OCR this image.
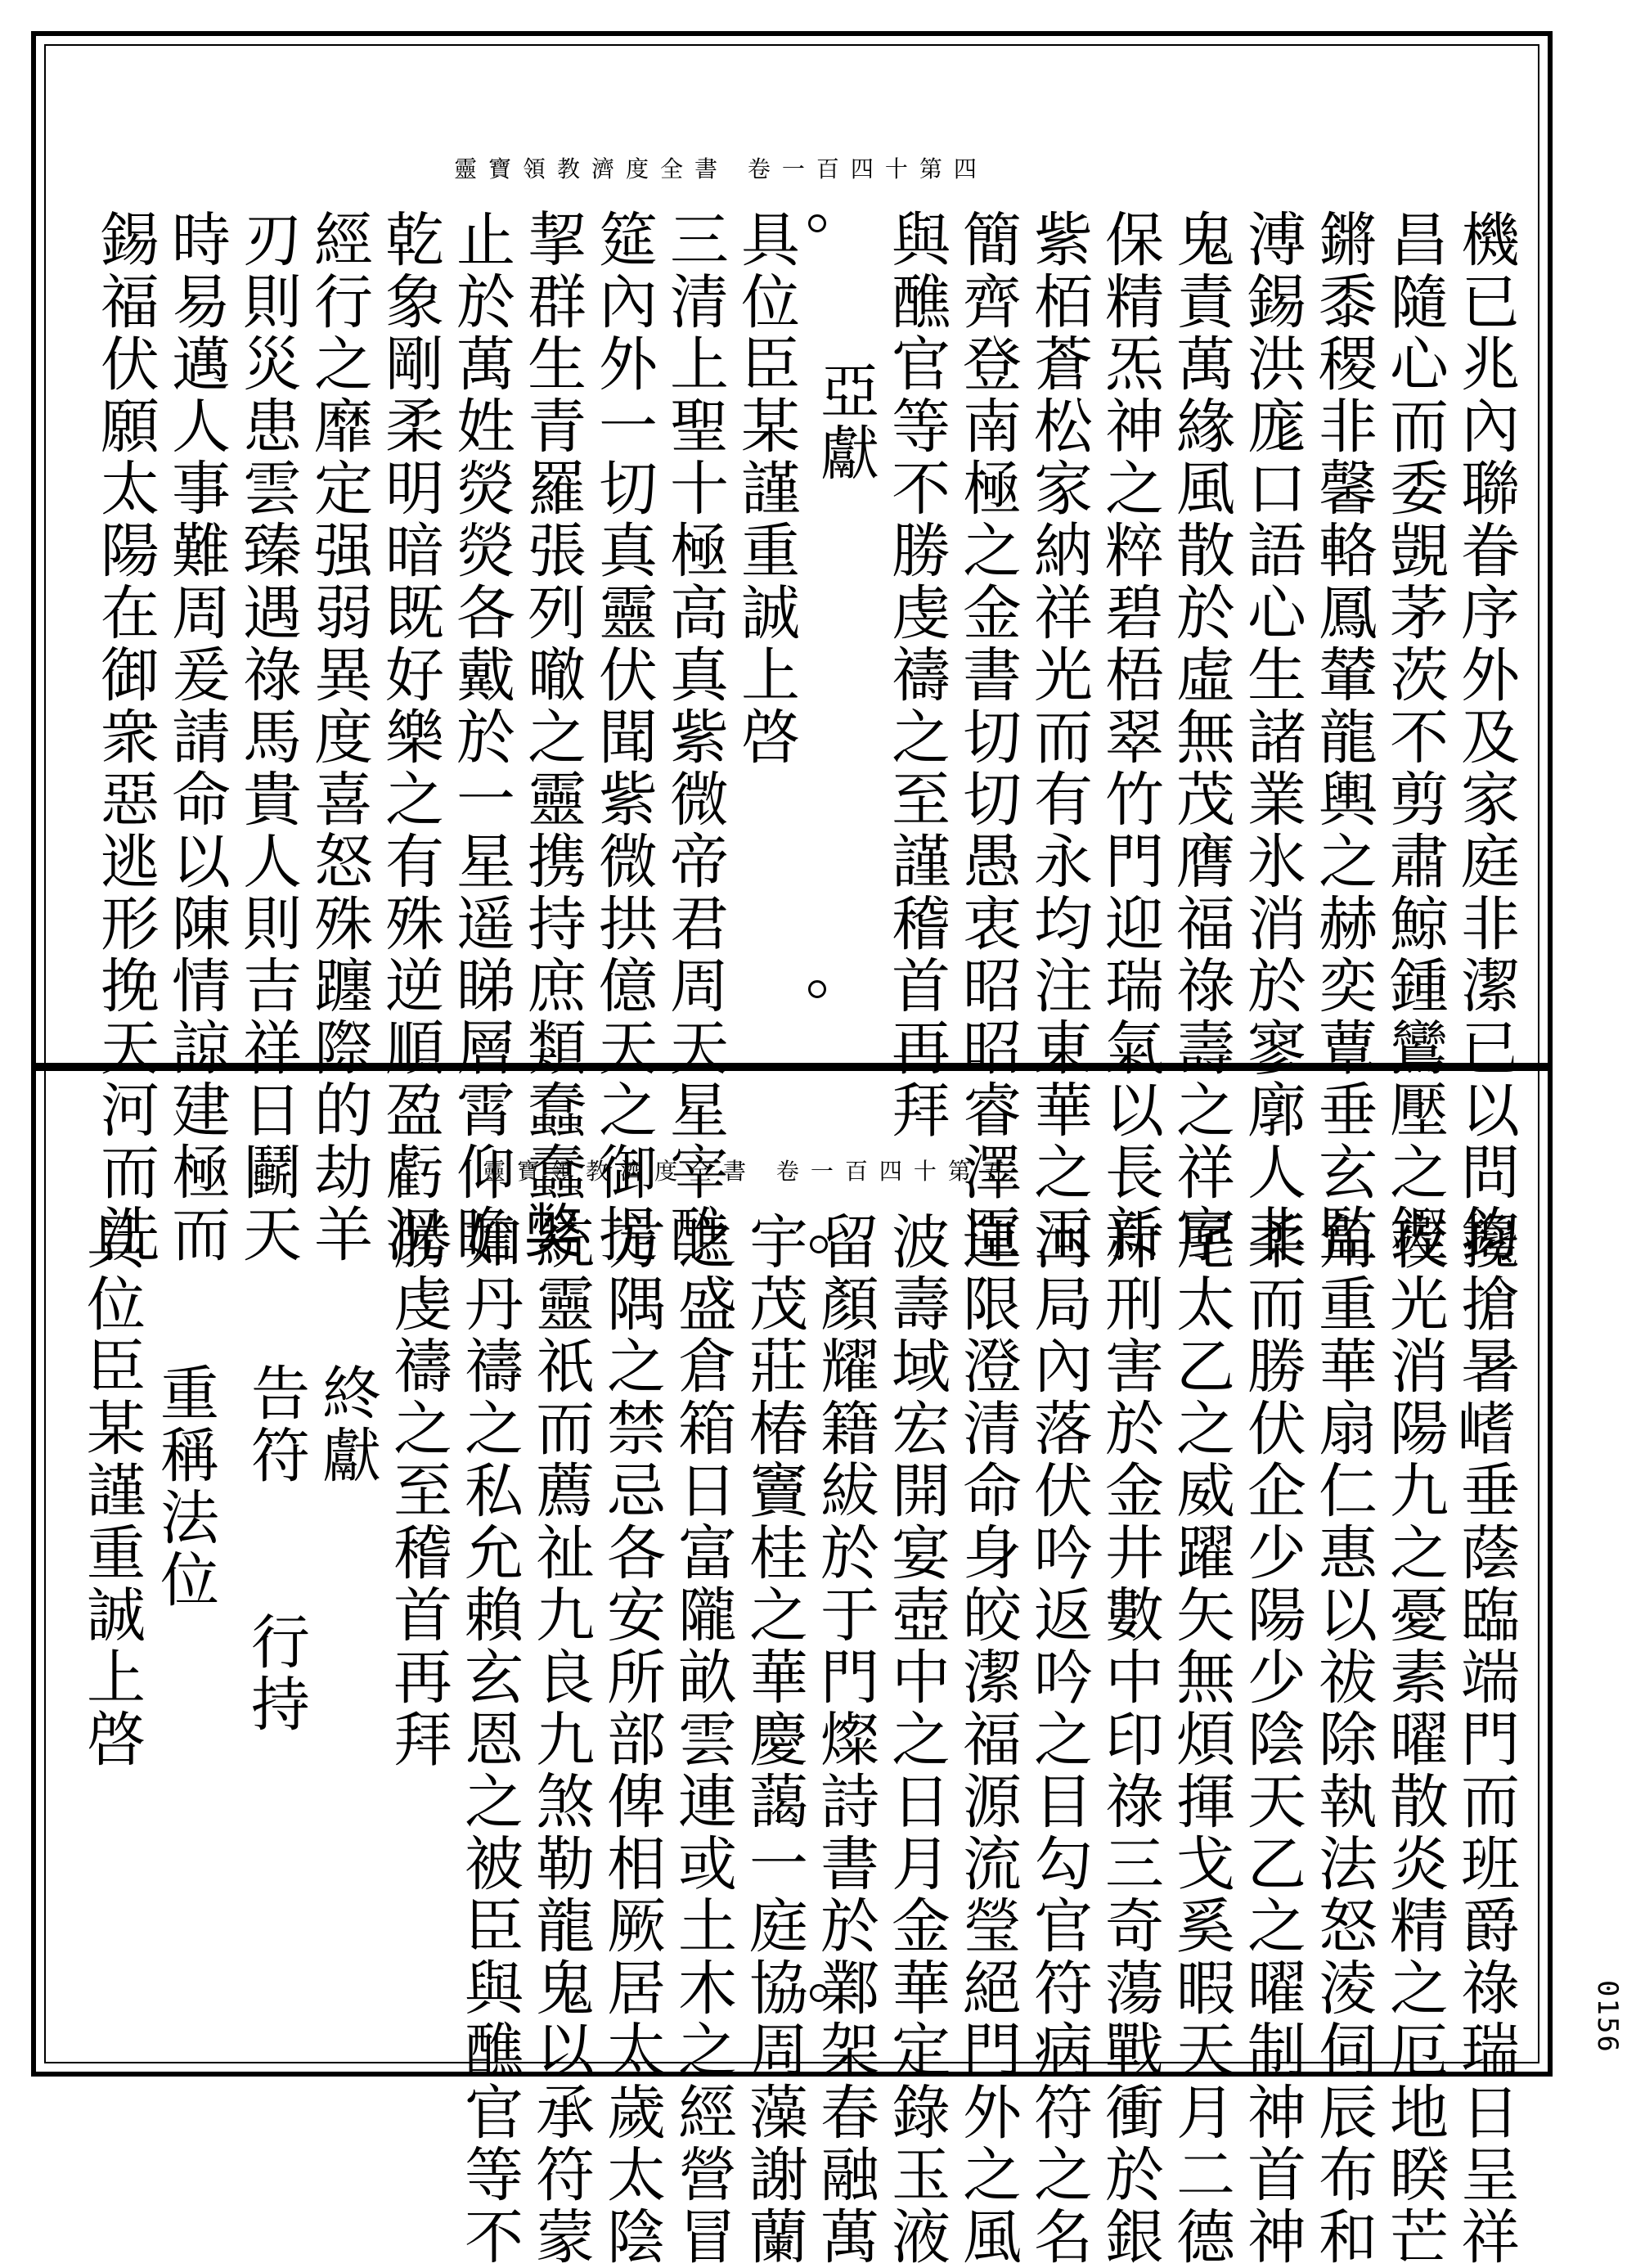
靈寶領教濟度全書 卷一百四十第四
機已兆內聯眷序外及家庭非潔已以問鈞
昌隨心而委覬茅茨不剪肅鯨鍾鸞壓之鏗
鏘黍稷非馨輅鳳輦龍輿之赫奕蕈垂玄監
溥錫洪庬口語心生諸業氷消於寥廓人非
鬼責萬緣風散於虛無茂膺福祿壽之祥𡨴
保精炁神之粹碧梧翠竹門迎瑞氣以長新
紫栢蒼松家納祥光而有永均注東華之玉
簡齊登南極之金書切切愚衷昭昭睿澤臣
與醮官等不勝虔禱之至謹稽首再拜
亞獻
具位臣某謹重誠上啓
三清上聖十極高真紫微帝君周天星宰醮
筵內外一切真靈伏聞紫微拱億天之御提
挈群生青羅張列㬚之靈携持庶類蠢蠢𡚁
止於萬姓熒熒各戴於一星遥睇層霄仰瞻
乾象剛柔明暗既好樂之有殊逆順盈虧況
經行之靡定强弱異度喜怒殊躔際的劫羊
刃則災患雲臻遇祿馬貴人則吉祥日鬬天
時易邁人事難周爰請命以陳情諒建極而
錫福伏願太陽在御衆惡逃形挽天河而洗	靈寶領教濟度全書 卷一百四十第五
攙搶暑𡺸垂蔭臨端門而班爵祿瑞日呈祥
夜光消陽九之憂素曜散炎精之厄地睽芒
角重華扇仁惠以祓除執法怒淩伺辰布和
柔而勝伏企少陽少陰天乙之曜制神首神
尾太乙之威躍矢無煩揮戈奚暇天月二德
斥刑害於金井數中印祿三奇蕩戰衝於銀
河局內落伏吟返吟之目勾官符病符之名
運限澄清命身皎潔福源流瑩絕門外之風
波壽域宏開宴壺中之日月金華定錄玉液
留顏耀籍紱於于門燦詩書於鄴架春融萬
宇茂莊椿竇桂之華慶藹一庭協周藻謝蘭
之盛倉箱日富隴畝雲連或土木之經營冒
方隅之禁忌各安所部俾相厥居太歲太陰
統靈祇而薦祉九良九煞勒龍鬼以承符蒙
如丹禱之私允賴玄恩之被臣與醮官等不
勝虔禱之至稽首再拜
終獻
告符　　行持
重稱法位
具位臣某謹重誠上啓
0156
